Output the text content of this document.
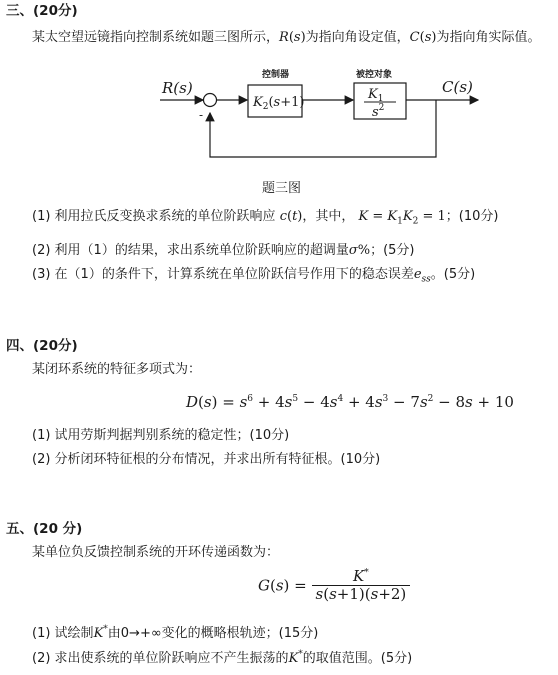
三、(20分)
某太空望远镜指向控制系统如题三图所示，R(s)为指向角设定值，C(s)为指向角实际值。
R(s)
-
控制器
$K_2(s+1)$
被控对象
$K_1$
$s^2$
C(s)
题三图
(1) 利用拉氏反变换求系统的单位阶跃响应 c(t)，其中， $K = K_1K_2 = 1$；(10分)
(2) 利用（1）的结果，求出系统单位阶跃响应的超调量σ%；(5分)
(3) 在（1）的条件下，计算系统在单位阶跃信号作用下的稳态误差$e_{ss}$。(5分)
四、(20分)
某闭环系统的特征多项式为：
$D(s) = s^6 + 4s^5 - 4s^4 + 4s^3 - 7s^2 - 8s + 10$
(1) 试用劳斯判据判别系统的稳定性；(10分)
(2) 分析闭环特征根的分布情况，并求出所有特征根。(10分)
五、(20 分)
某单位负反馈控制系统的开环传递函数为：
$G(s) = \frac{K^*}{s(s+1)(s+2)}$
(1) 试绘制K*由0→+∞变化的概略根轨迹；(15分)
(2) 求出使系统的单位阶跃响应不产生振荡的K*的取值范围。(5分)
